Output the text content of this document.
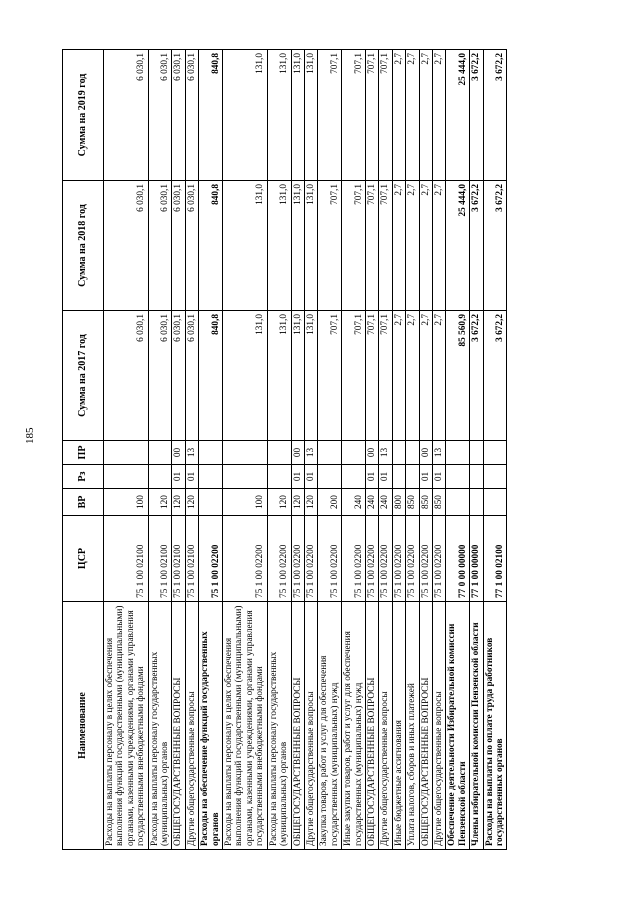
185
Наименование	ЦСР	ВР	Рз	ПР	Сумма на 2017 год	Сумма на 2018 год	Сумма на 2019 год
Расходы на выплаты персоналу в целях обеспечения выполнения функций государственными (муниципальными) органами, казенными учреждениями, органами управления государственными внебюджетными фондами	75 1 00 02100	100			6 030,1	6 030,1	6 030,1
Расходы на выплаты персоналу государственных (муниципальных) органов	75 1 00 02100	120			6 030,1	6 030,1	6 030,1
ОБЩЕГОСУДАРСТВЕННЫЕ ВОПРОСЫ	75 1 00 02100	120	01	00	6 030,1	6 030,1	6 030,1
Другие общегосударственные вопросы	75 1 00 02100	120	01	13	6 030,1	6 030,1	6 030,1
Расходы на обеспечение функций государственных органов	75 1 00 02200				840,8	840,8	840,8
Расходы на выплаты персоналу в целях обеспечения выполнения функций государственными (муниципальными) органами, казенными учреждениями, органами управления государственными внебюджетными фондами	75 1 00 02200	100			131,0	131,0	131,0
Расходы на выплаты персоналу государственных (муниципальных) органов	75 1 00 02200	120			131,0	131,0	131,0
ОБЩЕГОСУДАРСТВЕННЫЕ ВОПРОСЫ	75 1 00 02200	120	01	00	131,0	131,0	131,0
Другие общегосударственные вопросы	75 1 00 02200	120	01	13	131,0	131,0	131,0
Закупка товаров, работ и услуг для обеспечения государственных (муниципальных) нужд	75 1 00 02200	200			707,1	707,1	707,1
Иные закупки товаров, работ и услуг для обеспечения государственных (муниципальных) нужд	75 1 00 02200	240			707,1	707,1	707,1
ОБЩЕГОСУДАРСТВЕННЫЕ ВОПРОСЫ	75 1 00 02200	240	01	00	707,1	707,1	707,1
Другие общегосударственные вопросы	75 1 00 02200	240	01	13	707,1	707,1	707,1
Иные бюджетные ассигнования	75 1 00 02200	800			2,7	2,7	2,7
Уплата налогов, сборов и иных платежей	75 1 00 02200	850			2,7	2,7	2,7
ОБЩЕГОСУДАРСТВЕННЫЕ ВОПРОСЫ	75 1 00 02200	850	01	00	2,7	2,7	2,7
Другие общегосударственные вопросы	75 1 00 02200	850	01	13	2,7	2,7	2,7
Обеспечение деятельности Избирательной комиссии Пензенской области	77 0 00 00000				85 560,9	25 444,0	25 444,0
Члены избирательной комиссии Пензенской области	77 1 00 00000				3 672,2	3 672,2	3 672,2
Расходы на выплаты по оплате труда работников государственных органов	77 1 00 02100				3 672,2	3 672,2	3 672,2
